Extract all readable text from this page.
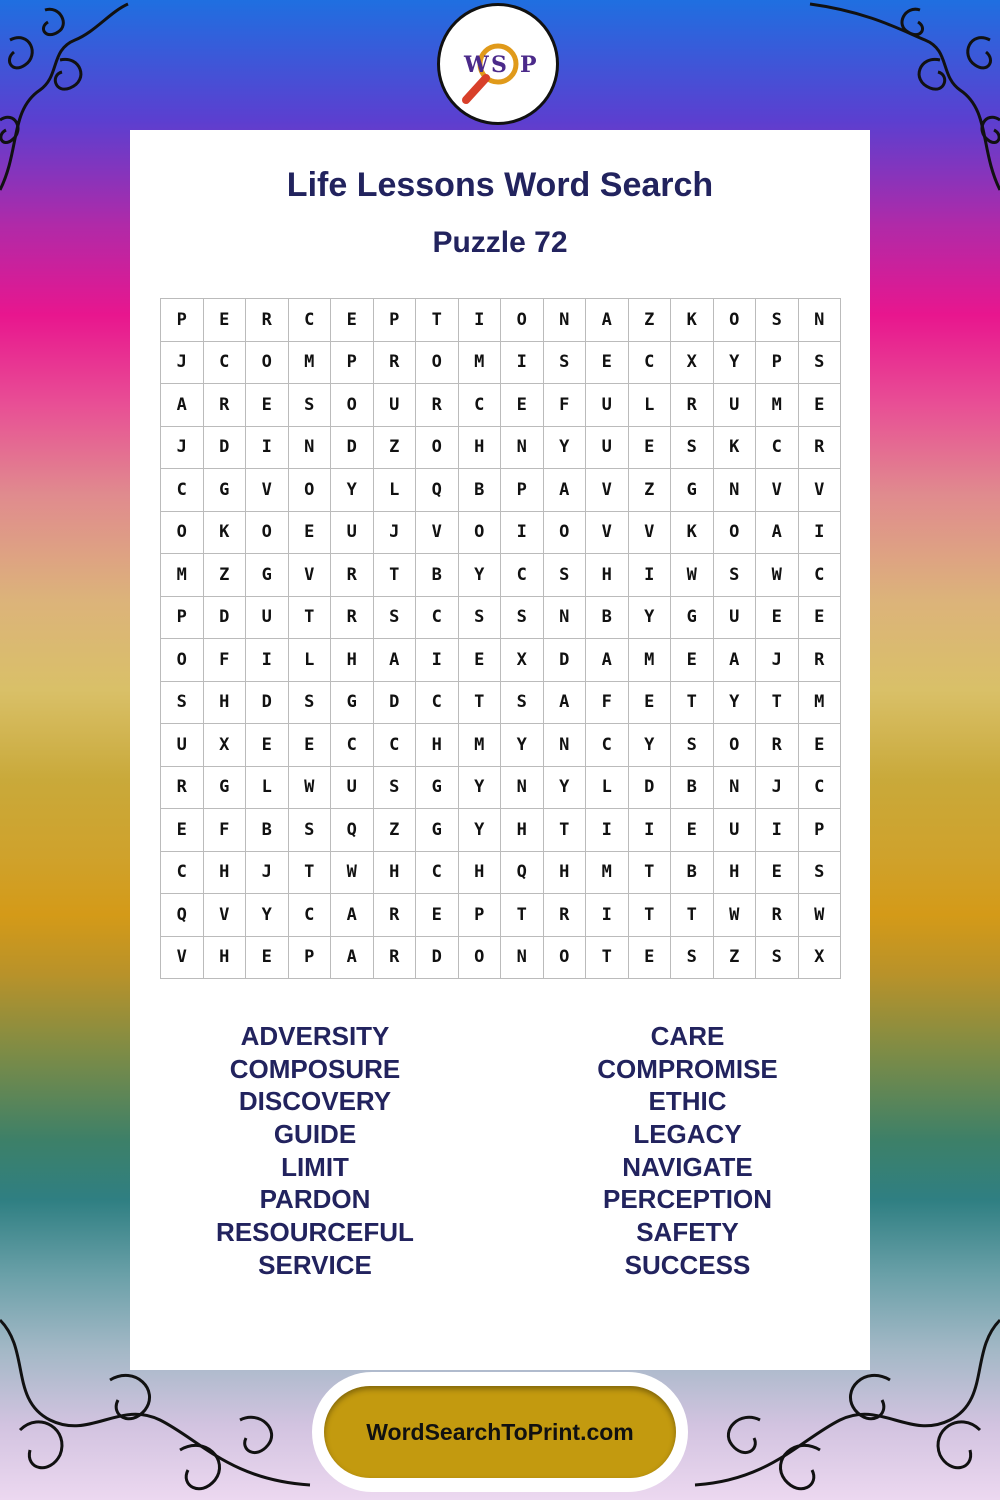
W S P
Life Lessons Word Search
Puzzle 72
P	E	R	C	E	P	T	I	O	N	A	Z	K	O	S	N
J	C	O	M	P	R	O	M	I	S	E	C	X	Y	P	S
A	R	E	S	O	U	R	C	E	F	U	L	R	U	M	E
J	D	I	N	D	Z	O	H	N	Y	U	E	S	K	C	R
C	G	V	O	Y	L	Q	B	P	A	V	Z	G	N	V	V
O	K	O	E	U	J	V	O	I	O	V	V	K	O	A	I
M	Z	G	V	R	T	B	Y	C	S	H	I	W	S	W	C
P	D	U	T	R	S	C	S	S	N	B	Y	G	U	E	E
O	F	I	L	H	A	I	E	X	D	A	M	E	A	J	R
S	H	D	S	G	D	C	T	S	A	F	E	T	Y	T	M
U	X	E	E	C	C	H	M	Y	N	C	Y	S	O	R	E
R	G	L	W	U	S	G	Y	N	Y	L	D	B	N	J	C
E	F	B	S	Q	Z	G	Y	H	T	I	I	E	U	I	P
C	H	J	T	W	H	C	H	Q	H	M	T	B	H	E	S
Q	V	Y	C	A	R	E	P	T	R	I	T	T	W	R	W
V	H	E	P	A	R	D	O	N	O	T	E	S	Z	S	X
ADVERSITY
COMPOSURE
DISCOVERY
GUIDE
LIMIT
PARDON
RESOURCEFUL
SERVICE
CARE
COMPROMISE
ETHIC
LEGACY
NAVIGATE
PERCEPTION
SAFETY
SUCCESS
WordSearchToPrint.com
